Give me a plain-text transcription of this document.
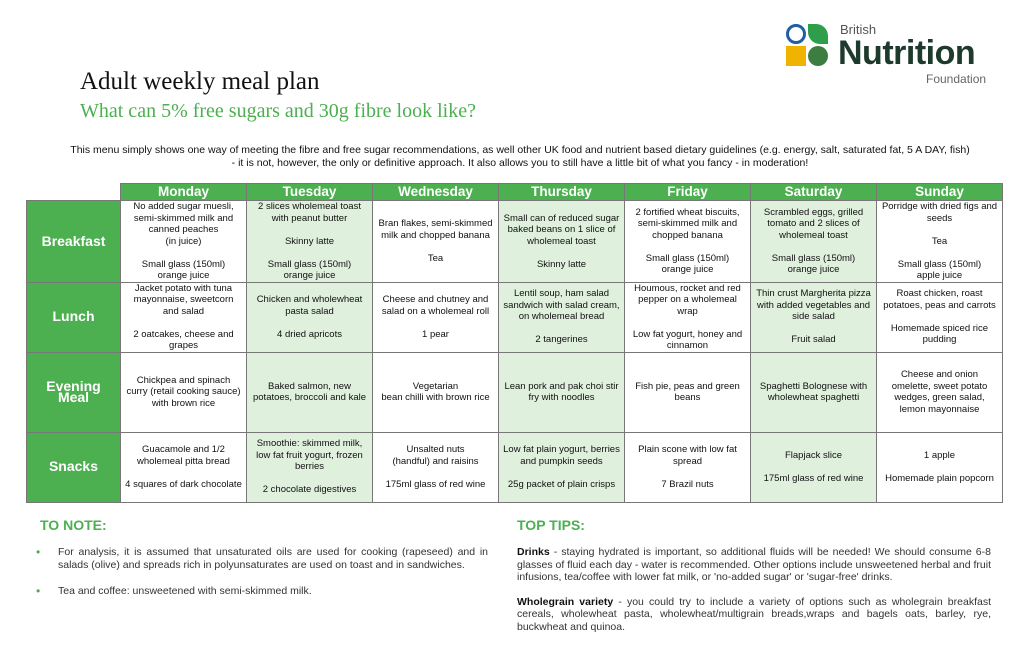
British
Nutrition
Foundation
Adult weekly meal plan
What can 5% free sugars and 30g fibre look like?
This menu simply shows one way of meeting the fibre and free sugar recommendations, as well other UK food and nutrient based dietary guidelines (e.g. energy, salt, saturated fat, 5 A DAY, fish) - it is not, however, the only or definitive approach. It also allows you to still have a little bit of what you fancy - in moderation!
	Monday	Tuesday	Wednesday	Thursday	Friday	Saturday	Sunday
Breakfast	No added sugar muesli, semi-skimmed milk and canned peaches
(in juice)

Small glass (150ml)
orange juice	2 slices wholemeal toast with peanut butter

Skinny latte

Small glass (150ml)
orange juice	Bran flakes, semi-skimmed milk and chopped banana

Tea	Small can of reduced sugar baked beans on 1 slice of wholemeal toast

Skinny latte	2 fortified wheat biscuits, semi-skimmed milk and chopped banana

Small glass (150ml)
orange juice	Scrambled eggs, grilled tomato and 2 slices of wholemeal toast

Small glass (150ml)
orange juice	Porridge with dried figs and seeds

Tea

Small glass (150ml)
apple juice
Lunch	Jacket potato with tuna mayonnaise, sweetcorn and salad

2 oatcakes, cheese and grapes	Chicken and wholewheat pasta salad

4 dried apricots	Cheese and chutney and salad on a wholemeal roll

1 pear	Lentil soup, ham salad sandwich with salad cream, on wholemeal bread

2 tangerines	Houmous, rocket and red pepper on a wholemeal wrap

Low fat yogurt, honey and cinnamon	Thin crust Margherita pizza with added vegetables and side salad

Fruit salad	Roast chicken, roast potatoes, peas and carrots

Homemade spiced rice pudding
Evening
Meal	Chickpea and spinach curry (retail cooking sauce) with brown rice	Baked salmon, new potatoes, broccoli and kale	Vegetarian
bean chilli with brown rice	Lean pork and pak choi stir fry with noodles	Fish pie, peas and green beans	Spaghetti Bolognese with wholewheat spaghetti	Cheese and onion omelette, sweet potato wedges, green salad, lemon mayonnaise
Snacks	Guacamole and 1/2 wholemeal pitta bread

4 squares of dark chocolate	Smoothie: skimmed milk, low fat fruit yogurt, frozen berries

2 chocolate digestives	Unsalted nuts
(handful) and raisins

175ml glass of red wine	Low fat plain yogurt, berries and pumpkin seeds

25g packet of plain crisps	Plain scone with low fat spread

7 Brazil nuts	Flapjack slice

175ml glass of red wine	1 apple

Homemade plain popcorn
TO NOTE:
• For analysis, it is assumed that unsaturated oils are used for cooking (rapeseed) and in salads (olive) and spreads rich in polyunsaturates are used on toast and in sandwiches.
• Tea and coffee: unsweetened with semi-skimmed milk.
TOP TIPS:

Drinks - staying hydrated is important, so additional fluids will be needed! We should consume 6-8 glasses of fluid each day - water is recommended. Other options include unsweetened herbal and fruit infusions, tea/coffee with lower fat milk, or 'no-added sugar' or 'sugar-free' drinks.

Wholegrain variety - you could try to include a variety of options such as wholegrain breakfast cereals, wholewheat pasta, wholewheat/multigrain breads,wraps and bagels oats, barley, rye, buckwheat and quinoa.
